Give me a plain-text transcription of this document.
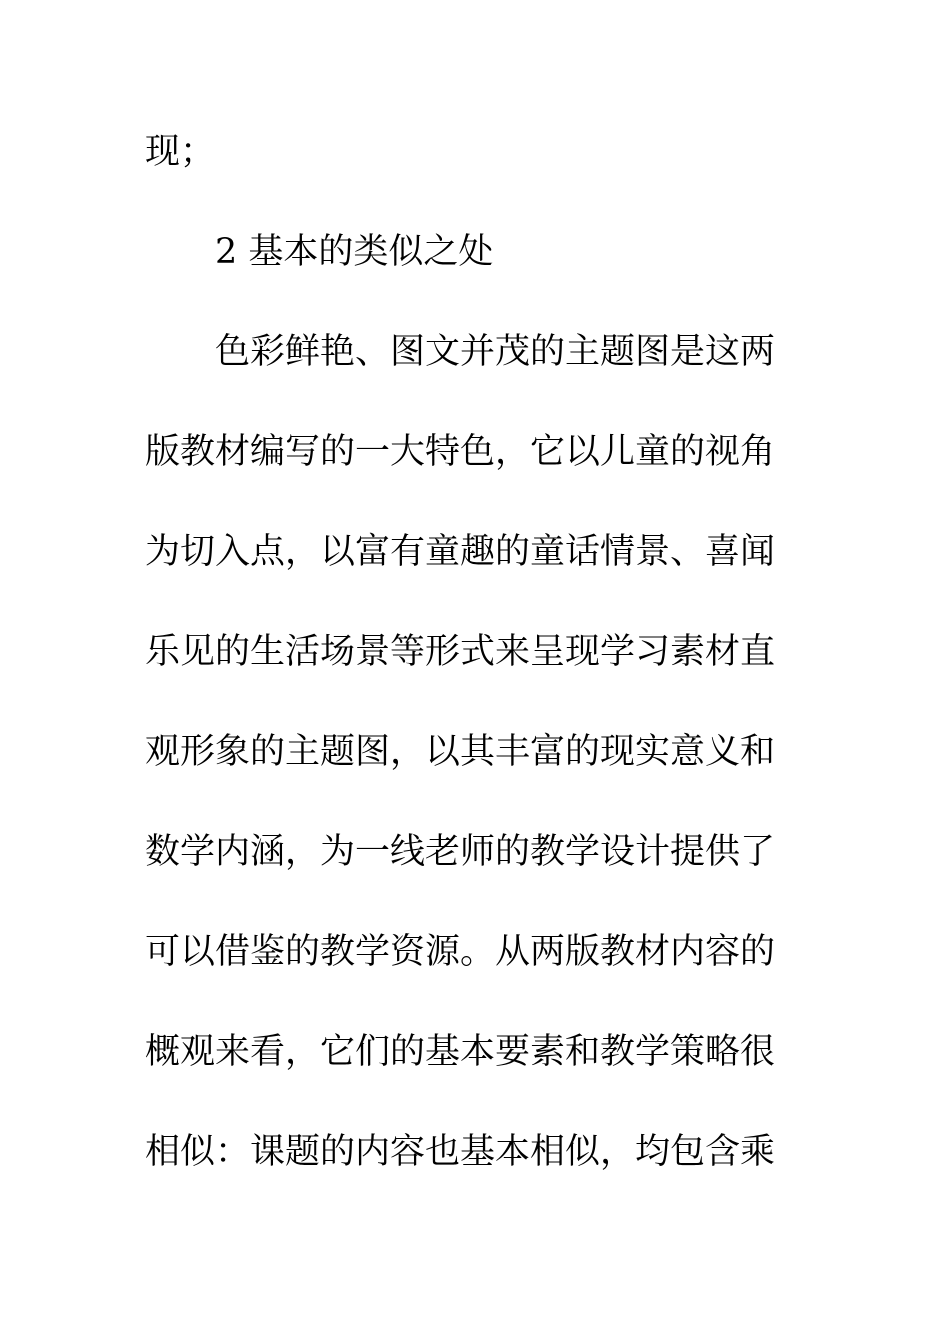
现；
2 基本的类似之处
色彩鲜艳、图文并茂的主题图是这两
版教材编写的一大特色，它以儿童的视角
为切入点，以富有童趣的童话情景、喜闻
乐见的生活场景等形式来呈现学习素材直
观形象的主题图，以其丰富的现实意义和
数学内涵，为一线老师的教学设计提供了
可以借鉴的教学资源。从两版教材内容的
概观来看，它们的基本要素和教学策略很
相似：课题的内容也基本相似，均包含乘
